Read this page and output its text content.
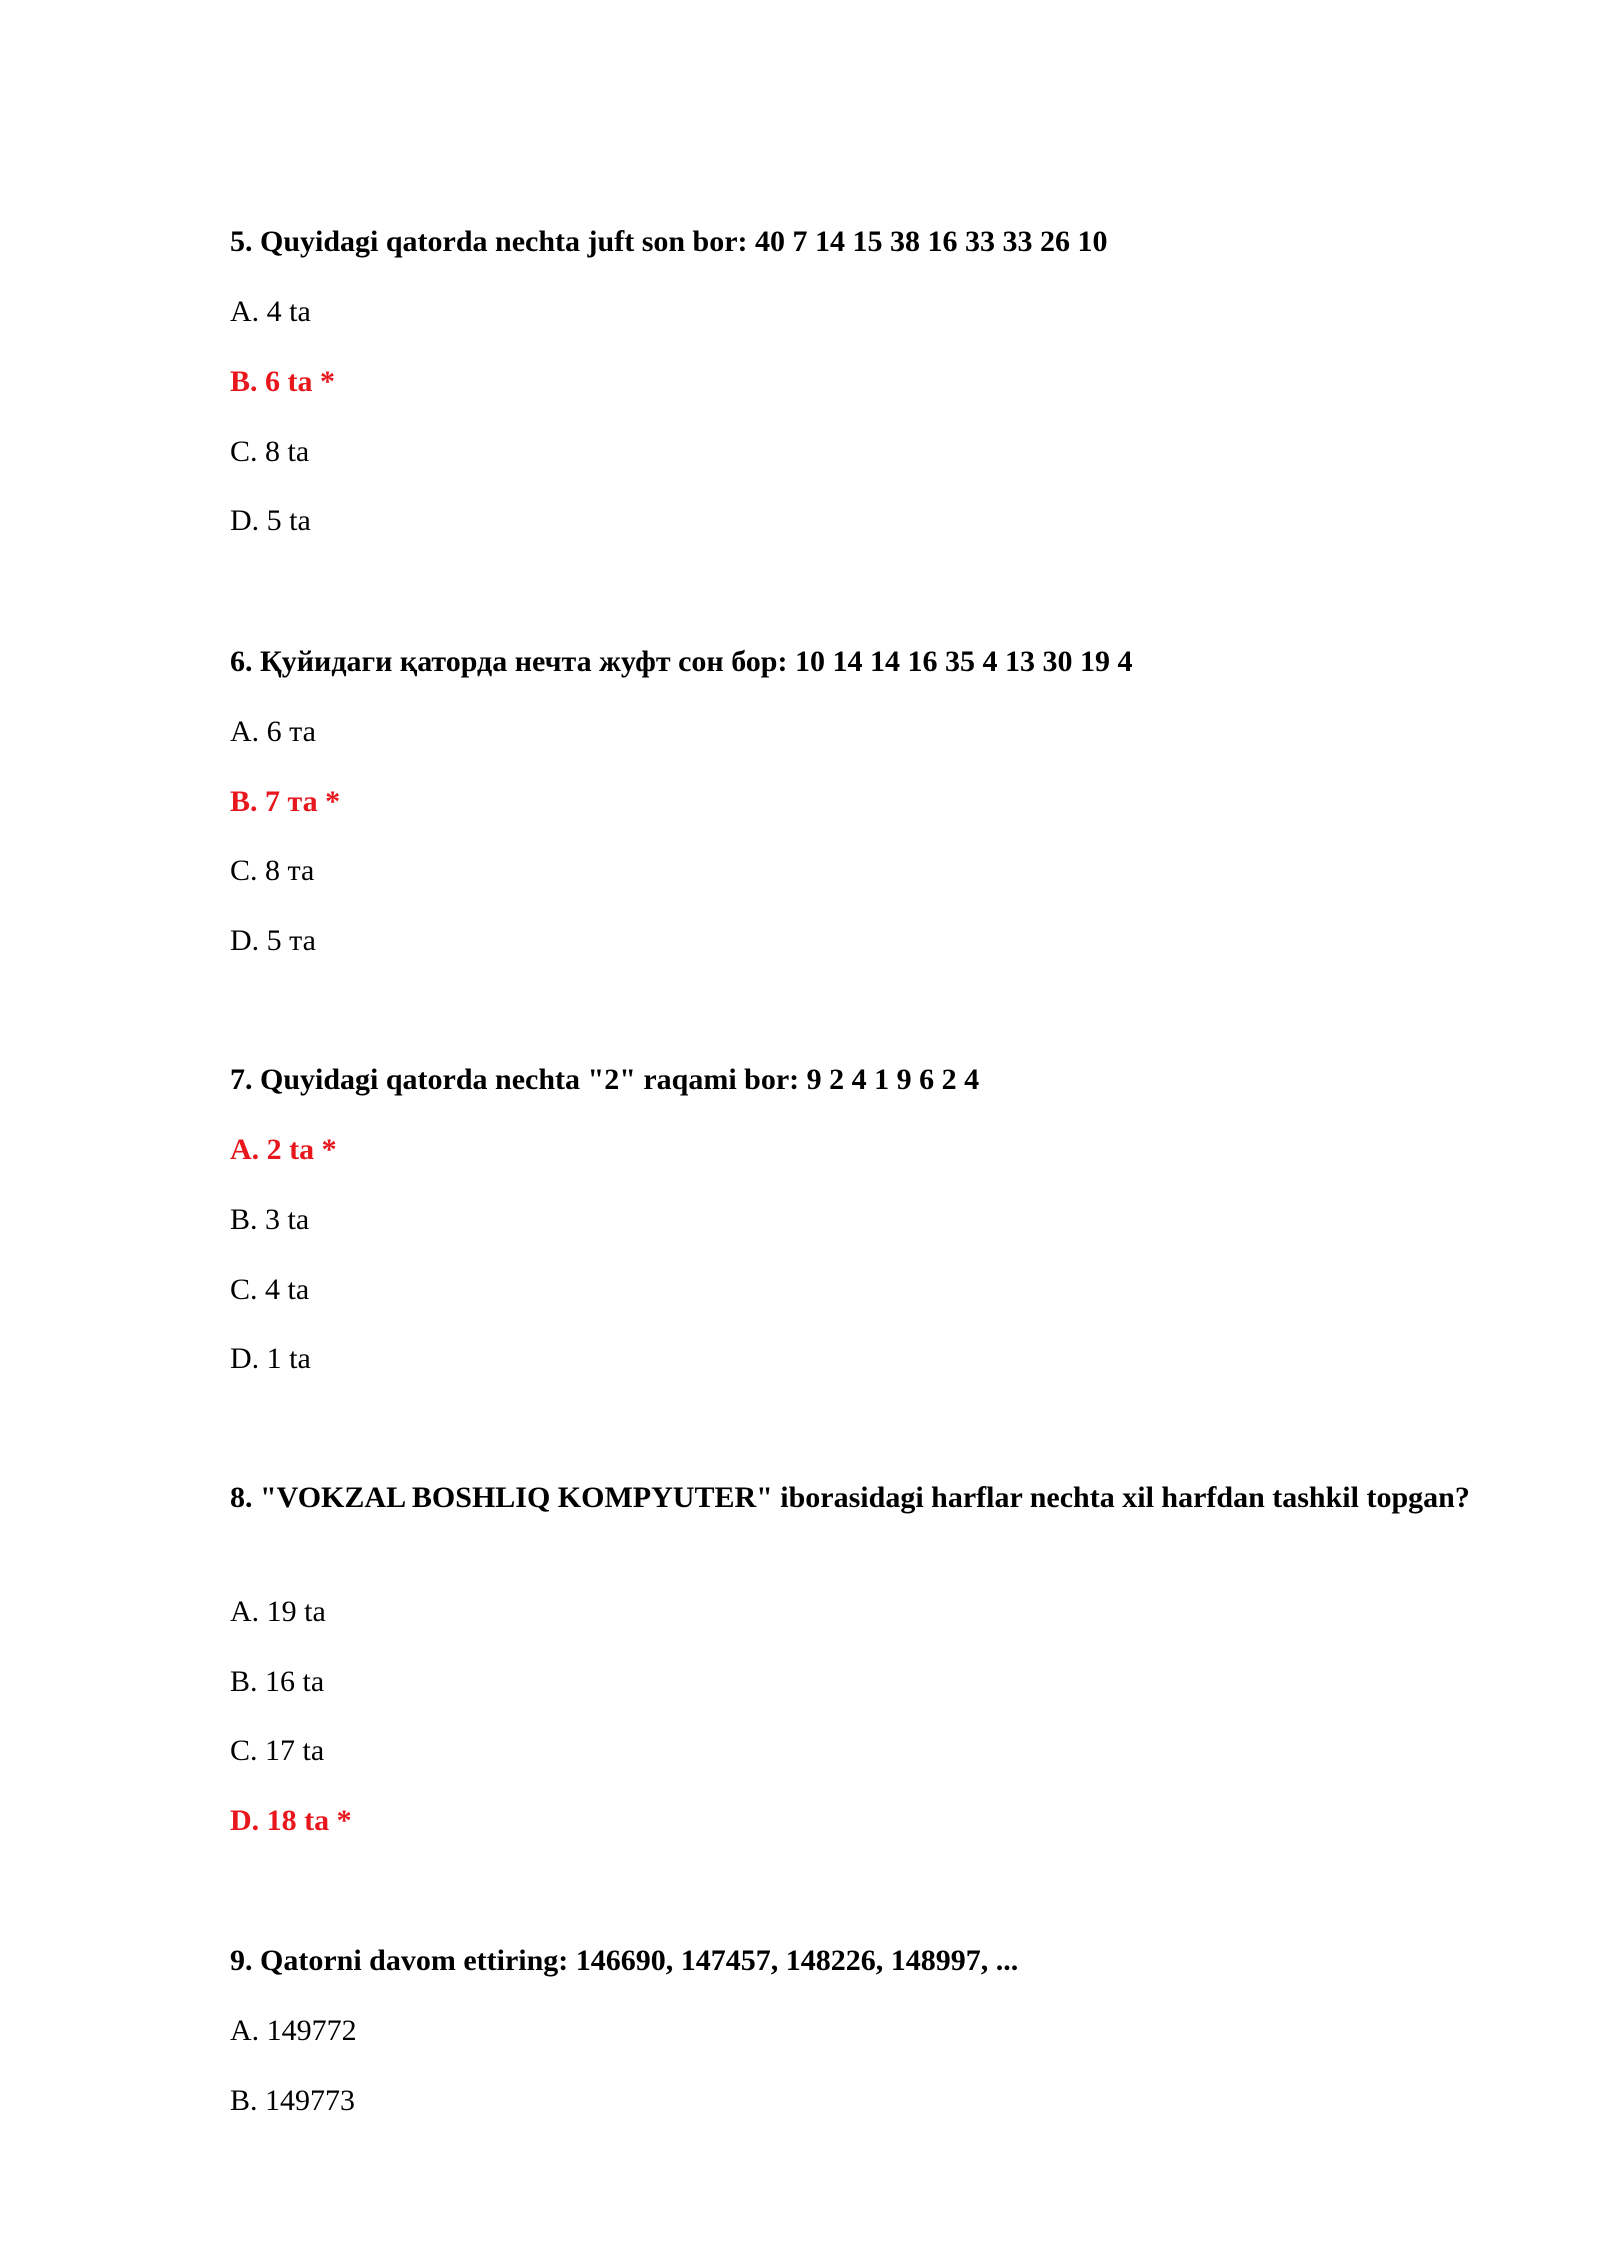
5. Quyidagi qatorda nechta juft son bor: 40 7 14 15 38 16 33 33 26 10

A. 4 ta

B. 6 ta *

C. 8 ta

D. 5 ta

6. Қуйидаги қаторда нечта жуфт сон бор: 10 14 14 16 35 4 13 30 19 4

A. 6 та

B. 7 та *

C. 8 та

D. 5 та

7. Quyidagi qatorda nechta "2" raqami bor: 9 2 4 1 9 6 2 4

A. 2 ta *

B. 3 ta

C. 4 ta

D. 1 ta

8. "VOKZAL BOSHLIQ KOMPYUTER" iborasidagi harflar nechta xil harfdan tashkil topgan?

A. 19 ta

B. 16 ta

C. 17 ta

D. 18 ta *

9. Qatorni davom ettiring: 146690, 147457, 148226, 148997, ...

A. 149772

B. 149773
